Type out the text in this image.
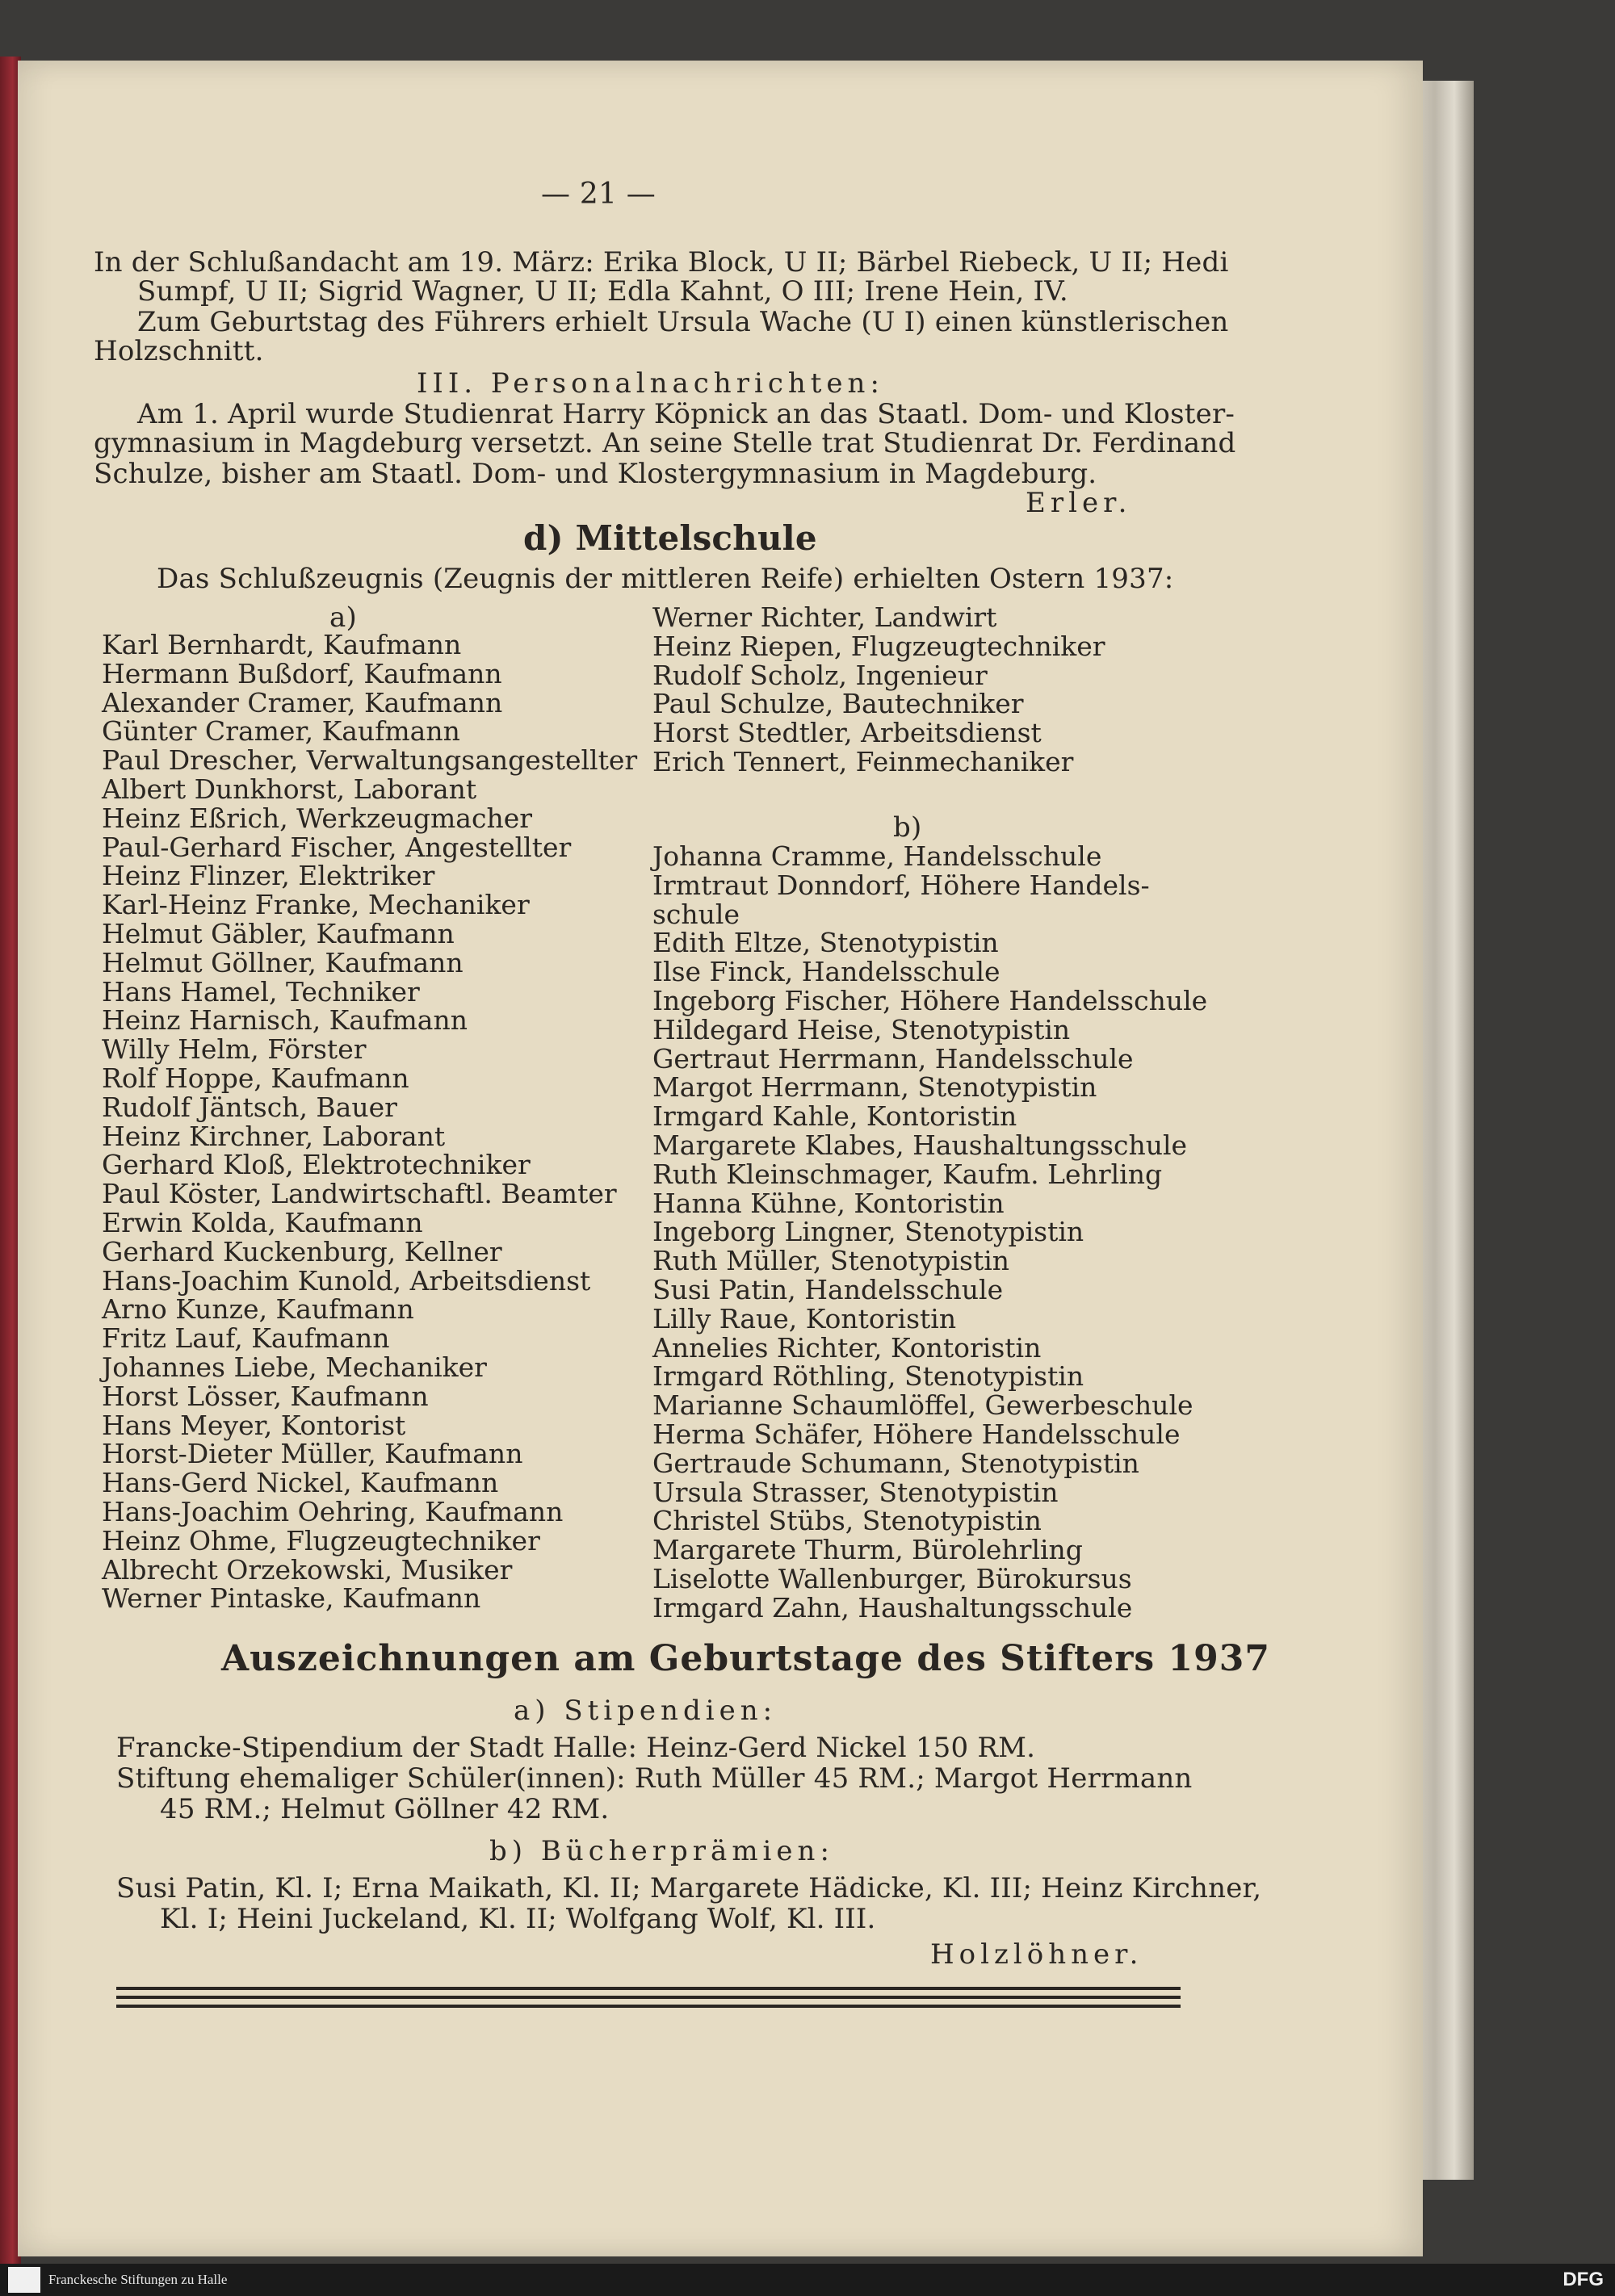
— 21 —
In der Schlußandacht am 19. März: Erika Block, U II; Bärbel Riebeck, U II; Hedi
Sumpf, U II; Sigrid Wagner, U II; Edla Kahnt, O III; Irene Hein, IV.
Zum Geburtstag des Führers erhielt Ursula Wache (U I) einen künstlerischen
Holzschnitt.
III. Personalnachrichten:
Am 1. April wurde Studienrat Harry Köpnick an das Staatl. Dom- und Kloster-
gymnasium in Magdeburg versetzt. An seine Stelle trat Studienrat Dr. Ferdinand
Schulze, bisher am Staatl. Dom- und Klostergymnasium in Magdeburg.
Erler.
d) Mittelschule
Das Schlußzeugnis (Zeugnis der mittleren Reife) erhielten Ostern 1937:
a)
Karl Bernhardt, Kaufmann
Hermann Bußdorf, Kaufmann
Alexander Cramer, Kaufmann
Günter Cramer, Kaufmann
Paul Drescher, Verwaltungsangestellter
Albert Dunkhorst, Laborant
Heinz Eßrich, Werkzeugmacher
Paul-Gerhard Fischer, Angestellter
Heinz Flinzer, Elektriker
Karl-Heinz Franke, Mechaniker
Helmut Gäbler, Kaufmann
Helmut Göllner, Kaufmann
Hans Hamel, Techniker
Heinz Harnisch, Kaufmann
Willy Helm, Förster
Rolf Hoppe, Kaufmann
Rudolf Jäntsch, Bauer
Heinz Kirchner, Laborant
Gerhard Kloß, Elektrotechniker
Paul Köster, Landwirtschaftl. Beamter
Erwin Kolda, Kaufmann
Gerhard Kuckenburg, Kellner
Hans-Joachim Kunold, Arbeitsdienst
Arno Kunze, Kaufmann
Fritz Lauf, Kaufmann
Johannes Liebe, Mechaniker
Horst Lösser, Kaufmann
Hans Meyer, Kontorist
Horst-Dieter Müller, Kaufmann
Hans-Gerd Nickel, Kaufmann
Hans-Joachim Oehring, Kaufmann
Heinz Ohme, Flugzeugtechniker
Albrecht Orzekowski, Musiker
Werner Pintaske, Kaufmann
Werner Richter, Landwirt
Heinz Riepen, Flugzeugtechniker
Rudolf Scholz, Ingenieur
Paul Schulze, Bautechniker
Horst Stedtler, Arbeitsdienst
Erich Tennert, Feinmechaniker
b)
Johanna Cramme, Handelsschule
Irmtraut Donndorf, Höhere Handels-
schule
Edith Eltze, Stenotypistin
Ilse Finck, Handelsschule
Ingeborg Fischer, Höhere Handelsschule
Hildegard Heise, Stenotypistin
Gertraut Herrmann, Handelsschule
Margot Herrmann, Stenotypistin
Irmgard Kahle, Kontoristin
Margarete Klabes, Haushaltungsschule
Ruth Kleinschmager, Kaufm. Lehrling
Hanna Kühne, Kontoristin
Ingeborg Lingner, Stenotypistin
Ruth Müller, Stenotypistin
Susi Patin, Handelsschule
Lilly Raue, Kontoristin
Annelies Richter, Kontoristin
Irmgard Röthling, Stenotypistin
Marianne Schaumlöffel, Gewerbeschule
Herma Schäfer, Höhere Handelsschule
Gertraude Schumann, Stenotypistin
Ursula Strasser, Stenotypistin
Christel Stübs, Stenotypistin
Margarete Thurm, Bürolehrling
Liselotte Wallenburger, Bürokursus
Irmgard Zahn, Haushaltungsschule
Auszeichnungen am Geburtstage des Stifters 1937
a) Stipendien:
Francke-Stipendium der Stadt Halle: Heinz-Gerd Nickel 150 RM.
Stiftung ehemaliger Schüler(innen): Ruth Müller 45 RM.; Margot Herrmann
45 RM.; Helmut Göllner 42 RM.
b) Bücherprämien:
Susi Patin, Kl. I; Erna Maikath, Kl. II; Margarete Hädicke, Kl. III; Heinz Kirchner,
Kl. I; Heini Juckeland, Kl. II; Wolfgang Wolf, Kl. III.
Holzlöhner.
Franckesche Stiftungen zu Halle	DFG
